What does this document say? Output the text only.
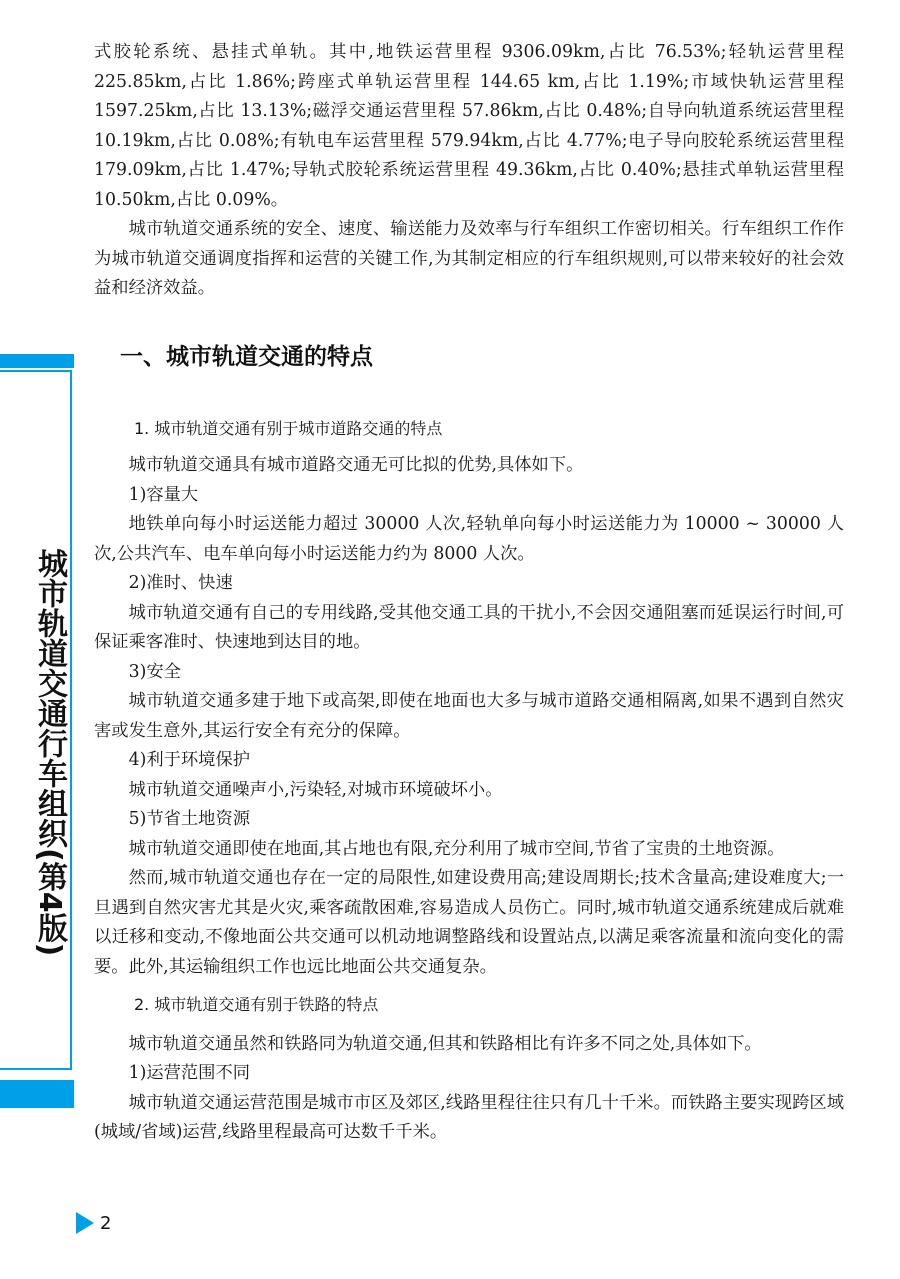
城市轨道交通行车组织(第4版)

式胶轮系统、悬挂式单轨。其中,地铁运营里程 9306.09km,占比 76.53%;轻轨运营里程 225.85km,占比 1.86%;跨座式单轨运营里程 144.65 km,占比 1.19%;市域快轨运营里程 1597.25km,占比 13.13%;磁浮交通运营里程 57.86km,占比 0.48%;自导向轨道系统运营里程10.19km,占比 0.08%;有轨电车运营里程 579.94km,占比 4.77%;电子导向胶轮系统运营里程 179.09km,占比 1.47%;导轨式胶轮系统运营里程 49.36km,占比 0.40%;悬挂式单轨运营里程 10.50km,占比 0.09%。

城市轨道交通系统的安全、速度、输送能力及效率与行车组织工作密切相关。行车组织工作作为城市轨道交通调度指挥和运营的关键工作,为其制定相应的行车组织规则,可以带来较好的社会效益和经济效益。

一、城市轨道交通的特点
1. 城市轨道交通有别于城市道路交通的特点

城市轨道交通具有城市道路交通无可比拟的优势,具体如下。

1)容量大

地铁单向每小时运送能力超过 30000 人次,轻轨单向每小时运送能力为 10000 ~ 30000 人次,公共汽车、电车单向每小时运送能力约为 8000 人次。

2)准时、快速

城市轨道交通有自己的专用线路,受其他交通工具的干扰小,不会因交通阻塞而延误运行时间,可保证乘客准时、快速地到达目的地。

3)安全

城市轨道交通多建于地下或高架,即使在地面也大多与城市道路交通相隔离,如果不遇到自然灾害或发生意外,其运行安全有充分的保障。

4)利于环境保护

城市轨道交通噪声小,污染轻,对城市环境破坏小。

5)节省土地资源

城市轨道交通即使在地面,其占地也有限,充分利用了城市空间,节省了宝贵的土地资源。

然而,城市轨道交通也存在一定的局限性,如建设费用高;建设周期长;技术含量高;建设难度大;一旦遇到自然灾害尤其是火灾,乘客疏散困难,容易造成人员伤亡。同时,城市轨道交通系统建成后就难以迁移和变动,不像地面公共交通可以机动地调整路线和设置站点,以满足乘客流量和流向变化的需要。此外,其运输组织工作也远比地面公共交通复杂。

2. 城市轨道交通有别于铁路的特点

城市轨道交通虽然和铁路同为轨道交通,但其和铁路相比有许多不同之处,具体如下。

1)运营范围不同

城市轨道交通运营范围是城市市区及郊区,线路里程往往只有几十千米。而铁路主要实现跨区域(城域/省域)运营,线路里程最高可达数千千米。

2
